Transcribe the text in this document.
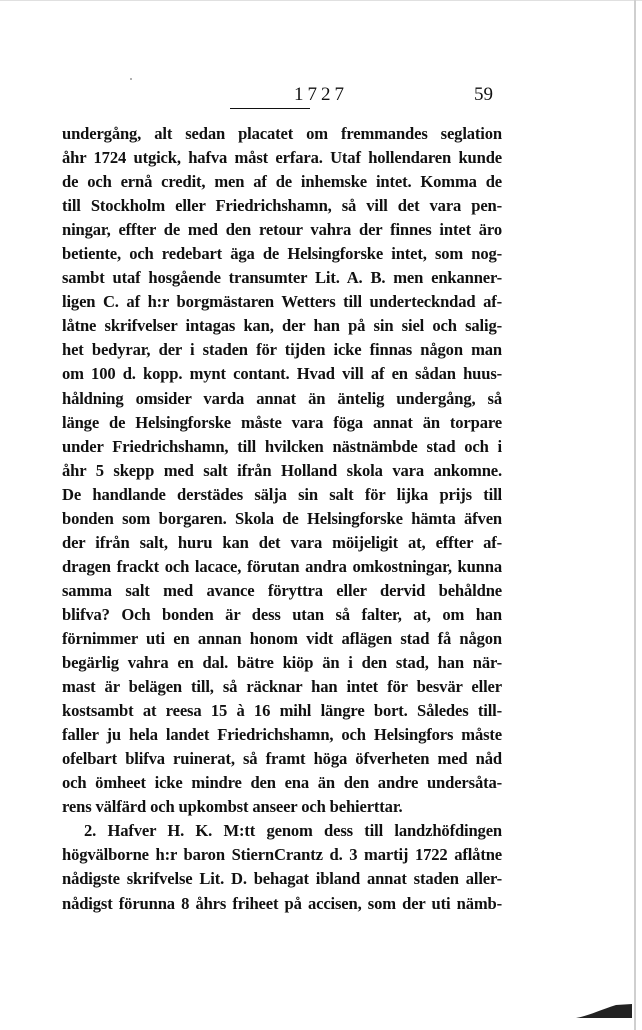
1727	59
undergång, alt sedan placatet om fremmandes seglation
åhr 1724 utgick, hafva måst erfara. Utaf hollendaren kunde
de och ernå credit, men af de inhemske intet. Komma de
till Stockholm eller Friedrichshamn, så vill det vara pen-
ningar, effter de med den retour vahra der finnes intet äro
betiente, och redebart äga de Helsingforske intet, som nog-
sambt utaf hosgående transumter Lit. A. B. men enkanner-
ligen C. af h:r borgmästaren Wetters till underteckndad af-
låtne skrifvelser intagas kan, der han på sin siel och salig-
het bedyrar, der i staden för tijden icke finnas någon man
om 100 d. kopp. mynt contant. Hvad vill af en sådan huus-
håldning omsider varda annat än äntelig undergång, så
länge de Helsingforske måste vara föga annat än torpare
under Friedrichshamn, till hvilcken nästnämbde stad och i
åhr 5 skepp med salt ifrån Holland skola vara ankomne.
De handlande derstädes sälja sin salt för lijka prijs till
bonden som borgaren. Skola de Helsingforske hämta äfven
der ifrån salt, huru kan det vara möijeligit at, effter af-
dragen frackt och lacace, förutan andra omkostningar, kunna
samma salt med avance föryttra eller dervid behåldne
blifva? Och bonden är dess utan så falter, at, om han
förnimmer uti en annan honom vidt aflägen stad få någon
begärlig vahra en dal. bätre kiöp än i den stad, han när-
mast är belägen till, så räcknar han intet för besvär eller
kostsambt at reesa 15 à 16 mihl längre bort. Således till-
faller ju hela landet Friedrichshamn, och Helsingfors måste
ofelbart blifva ruinerat, så framt höga öfverheten med nåd
och ömheet icke mindre den ena än den andre undersåta-
rens välfärd och upkombst anseer och behierttar.
2. Hafver H. K. M:tt genom dess till landzhöfdingen
högvälborne h:r baron StiernCrantz d. 3 martij 1722 aflåtne
nådigste skrifvelse Lit. D. behagat ibland annat staden aller-
nådigst förunna 8 åhrs friheet på accisen, som der uti nämb-
